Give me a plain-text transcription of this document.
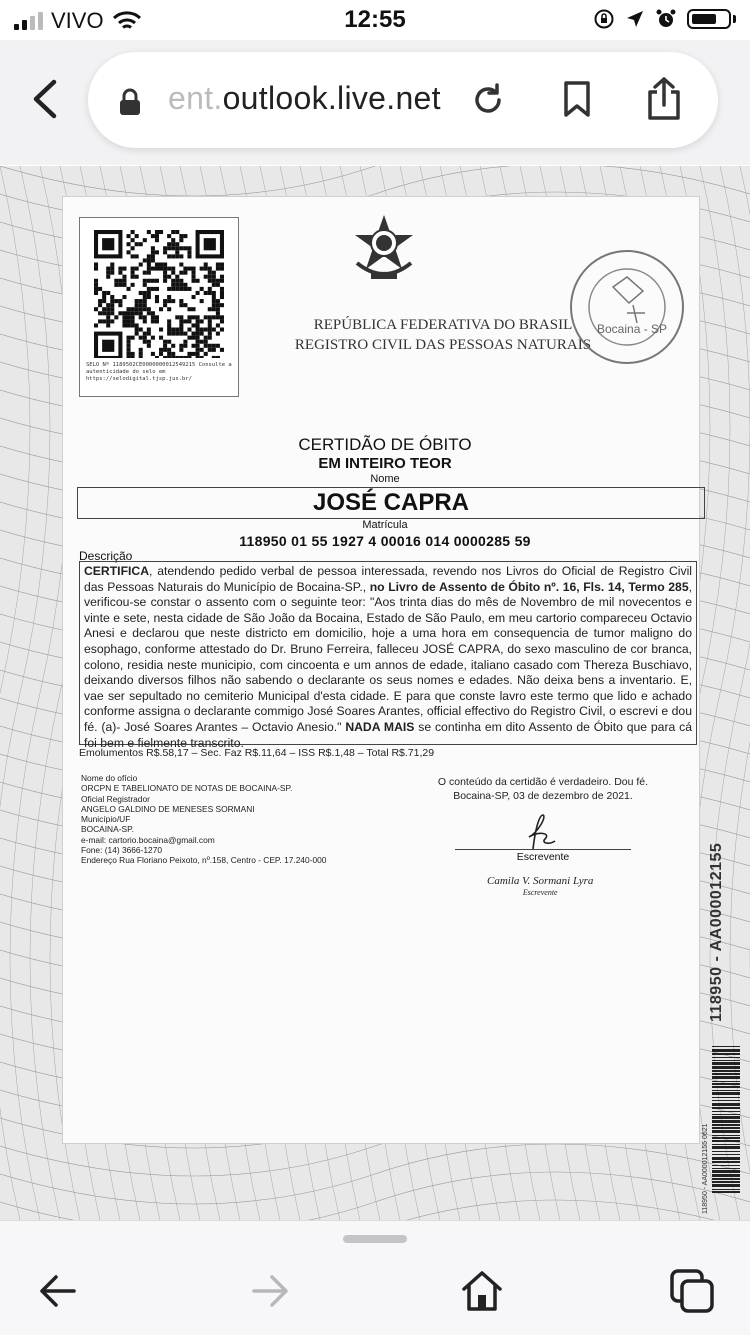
VIVO	12:55
ent.outlook.live.net
SELO Nº 1189502CE0000000012549215 Consulte a autenticidade do selo em https://selodigital.tjsp.jus.br/
REPÚBLICA FEDERATIVA DO BRASIL
REGISTRO CIVIL DAS PESSOAS NATURAIS
Bocaina - SP
CERTIDÃO DE ÓBITO
EM INTEIRO TEOR
Nome
JOSÉ CAPRA
Matrícula
118950 01 55 1927 4 00016 014 0000285 59
Descrição
CERTIFICA, atendendo pedido verbal de pessoa interessada, revendo nos Livros do Oficial de Registro Civil das Pessoas Naturais do Município de Bocaina-SP., no Livro de Assento de Óbito nº. 16, Fls. 14, Termo 285, verificou-se constar o assento com o seguinte teor: "Aos trinta dias do mês de Novembro de mil novecentos e vinte e sete, nesta cidade de São João da Bocaina, Estado de São Paulo, em meu cartorio compareceu Octavio Anesi e declarou que neste districto em domicilio, hoje a uma hora em consequencia de tumor maligno do esophago, conforme attestado do Dr. Bruno Ferreira, falleceu JOSÉ CAPRA, do sexo masculino de cor branca, colono, residia neste municipio, com cincoenta e um annos de edade, italiano casado com Thereza Buschiavo, deixando diversos filhos não sabendo o declarante os seus nomes e edades. Não deixa bens a inventario. E, vae ser sepultado no cemiterio Municipal d'esta cidade. E para que conste lavro este termo que lido e achado conforme assigna o declarante commigo José Soares Arantes, official effectivo do Registro Civil, o escrevi e dou fé. (a)- José Soares Arantes – Octavio Anesio." NADA MAIS se continha em dito Assento de Óbito que para cá foi bem e fielmente transcrito.
Emolumentos R$.58,17 – Sec. Faz R$.11,64 – ISS R$.1,48 – Total R$.71,29
Nome do ofício
ORCPN E TABELIONATO DE NOTAS DE BOCAINA-SP.
Oficial Registrador
ANGELO GALDINO DE MENESES SORMANI
Município/UF
BOCAINA-SP.
e-mail: cartorio.bocaina@gmail.com
Fone: (14) 3666-1270
Endereço Rua Floriano Peixoto, nº.158, Centro - CEP. 17.240-000
O conteúdo da certidão é verdadeiro. Dou fé.
Bocaina-SP, 03 de dezembro de 2021.
Escrevente
Camila V. Sormani Lyra
Escrevente	118950 - AA000012155
118950 - AA000012155 0621
